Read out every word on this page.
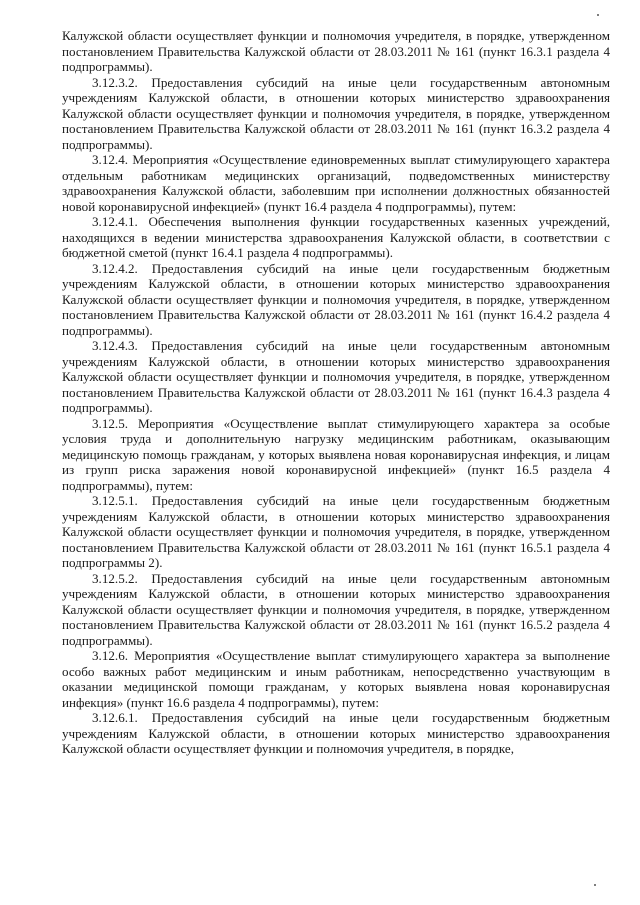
Калужской области осуществляет функции и полномочия учредителя, в порядке, утвержденном постановлением Правительства Калужской области от 28.03.2011 № 161 (пункт 16.3.1 раздела 4 подпрограммы).

3.12.3.2. Предоставления субсидий на иные цели государственным автономным учреждениям Калужской области, в отношении которых министерство здравоохранения Калужской области осуществляет функции и полномочия учредителя, в порядке, утвержденном постановлением Правительства Калужской области от 28.03.2011 № 161 (пункт 16.3.2 раздела 4 подпрограммы).

3.12.4. Мероприятия «Осуществление единовременных выплат стимулирующего характера отдельным работникам медицинских организаций, подведомственных министерству здравоохранения Калужской области, заболевшим при исполнении должностных обязанностей новой коронавирусной инфекцией» (пункт 16.4 раздела 4 подпрограммы), путем:

3.12.4.1. Обеспечения выполнения функции государственных казенных учреждений, находящихся в ведении министерства здравоохранения Калужской области, в соответствии с бюджетной сметой (пункт 16.4.1 раздела 4 подпрограммы).

3.12.4.2. Предоставления субсидий на иные цели государственным бюджетным учреждениям Калужской области, в отношении которых министерство здравоохранения Калужской области осуществляет функции и полномочия учредителя, в порядке, утвержденном постановлением Правительства Калужской области от 28.03.2011 № 161 (пункт 16.4.2 раздела 4 подпрограммы).

3.12.4.3. Предоставления субсидий на иные цели государственным автономным учреждениям Калужской области, в отношении которых министерство здравоохранения Калужской области осуществляет функции и полномочия учредителя, в порядке, утвержденном постановлением Правительства Калужской области от 28.03.2011 № 161 (пункт 16.4.3 раздела 4 подпрограммы).

3.12.5. Мероприятия «Осуществление выплат стимулирующего характера за особые условия труда и дополнительную нагрузку медицинским работникам, оказывающим медицинскую помощь гражданам, у которых выявлена новая коронавирусная инфекция, и лицам из групп риска заражения новой коронавирусной инфекцией» (пункт 16.5 раздела 4 подпрограммы), путем:

3.12.5.1. Предоставления субсидий на иные цели государственным бюджетным учреждениям Калужской области, в отношении которых министерство здравоохранения Калужской области осуществляет функции и полномочия учредителя, в порядке, утвержденном постановлением Правительства Калужской области от 28.03.2011 № 161 (пункт 16.5.1 раздела 4 подпрограммы 2).

3.12.5.2. Предоставления субсидий на иные цели государственным автономным учреждениям Калужской области, в отношении которых министерство здравоохранения Калужской области осуществляет функции и полномочия учредителя, в порядке, утвержденном постановлением Правительства Калужской области от 28.03.2011 № 161 (пункт 16.5.2 раздела 4 подпрограммы).

3.12.6. Мероприятия «Осуществление выплат стимулирующего характера за выполнение особо важных работ медицинским и иным работникам, непосредственно участвующим в оказании медицинской помощи гражданам, у которых выявлена новая коронавирусная инфекция» (пункт 16.6 раздела 4 подпрограммы), путем:

3.12.6.1. Предоставления субсидий на иные цели государственным бюджетным учреждениям Калужской области, в отношении которых министерство здравоохранения Калужской области осуществляет функции и полномочия учредителя, в порядке,
